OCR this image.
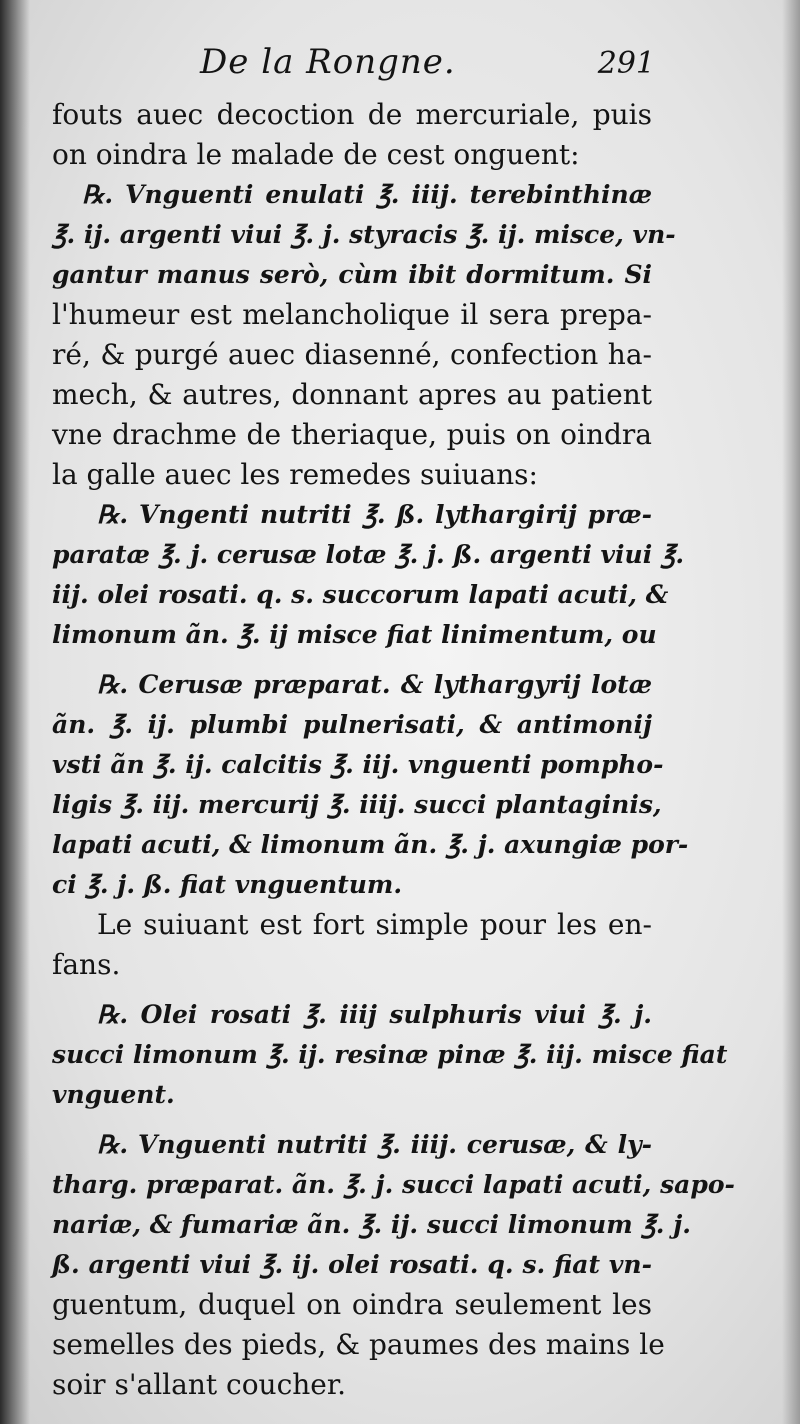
De la Rongne.	291
fouts auec decoction de mercuriale, puis
on oindra le malade de cest onguent:
℞. Vnguenti enulati ℥. iiij. terebinthinæ
℥. ij. argenti viui ℥. j. styracis ℥. ij. misce, vn-
gantur manus serò, cùm ibit dormitum. Si
l'humeur est melancholique il sera prepa-
ré, & purgé auec diasenné, confection ha-
mech, & autres, donnant apres au patient
vne drachme de theriaque, puis on oindra
la galle auec les remedes suiuans:
℞. Vngenti nutriti ℥. ß. lythargirij præ-
paratæ ℥. j. cerusæ lotæ ℥. j. ß. argenti viui ℥.
iij. olei rosati. q. s. succorum lapati acuti, &
limonum ãn. ℥. ij misce fiat linimentum, ou
℞. Cerusæ præparat. & lythargyrij lotæ
ãn. ℥. ij. plumbi pulnerisati, & antimonij
vsti ãn ℥. ij. calcitis ℥. iij. vnguenti pompho-
ligis ℥. iij. mercurij ℥. iiij. succi plantaginis,
lapati acuti, & limonum ãn. ℥. j. axungiæ por-
ci ℥. j. ß. fiat vnguentum.
Le suiuant est fort simple pour les en-
fans.
℞. Olei rosati ℥. iiij sulphuris viui ℥. j.
succi limonum ℥. ij. resinæ pinæ ℥. iij. misce fiat
vnguent.
℞. Vnguenti nutriti ℥. iiij. cerusæ, & ly-
tharg. præparat. ãn. ℥. j. succi lapati acuti, sapo-
nariæ, & fumariæ ãn. ℥. ij. succi limonum ℥. j.
ß. argenti viui ℥. ij. olei rosati. q. s. fiat vn-
guentum, duquel on oindra seulement les
semelles des pieds, & paumes des mains le
soir s'allant coucher.
